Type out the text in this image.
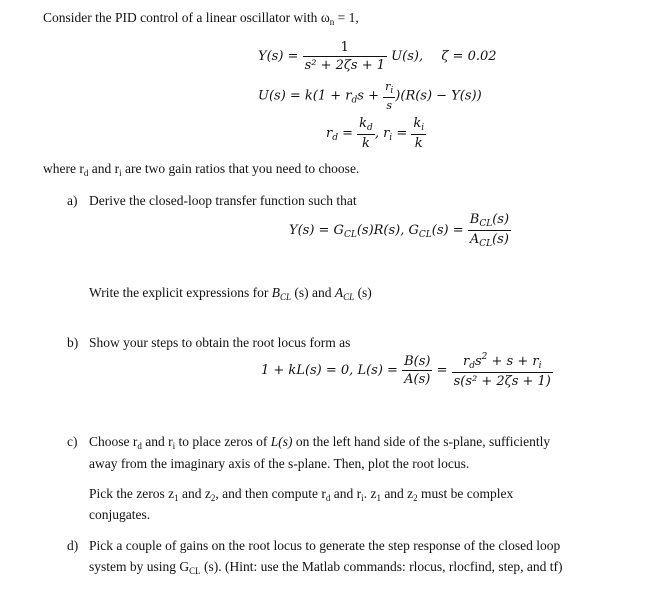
Consider the PID control of a linear oscillator with $\omega_n = 1$,
$Y(s) = \frac{1}{\text{s² + 2ζs + 1}} U(s)$, ζ = 0.02
$U(s) = k(1 + r_ds + \frac{r_i}{s} )(R(s) - Y(s))$
$r_d = \frac{k_d}{k}$ , $r_i = \frac{k_i}{k}$
where $r_d$ and $r_i$ are two gain ratios that you need to choose.
a) Derive the closed-loop transfer function such that
$Y(s) = G_{CL}(s)R(s)$, $G_{CL}(s) = \frac{B_{CL}(s)}{A_{CL}(s)}$
Write the explicit expressions for $B_{CL}$ (s) and $A_{CL}$ (s)
b) Show your steps to obtain the root locus form as
1 + kL(s) = 0, $L(s) = \frac{B(s)}{A(s)} = \frac{r_ds^2 + s + r_i}{\text{s(s² + 2ζs + 1)}}$
c) Choose $r_d$ and $r_i$ to place zeros of L(s) on the left hand side of the s-plane, sufficiently
away from the imaginary axis of the s-plane. Then, plot the root locus.
Pick the zeros $z_1$ and $z_2$, and then compute $r_d$ and $r_i$. $z_1$ and $z_2$ must be complex
conjugates.
d) Pick a couple of gains on the root locus to generate the step response of the closed loop
system by using $G_{CL}$ (s). (Hint: use the Matlab commands: rlocus, rlocfind, step, and tf)
